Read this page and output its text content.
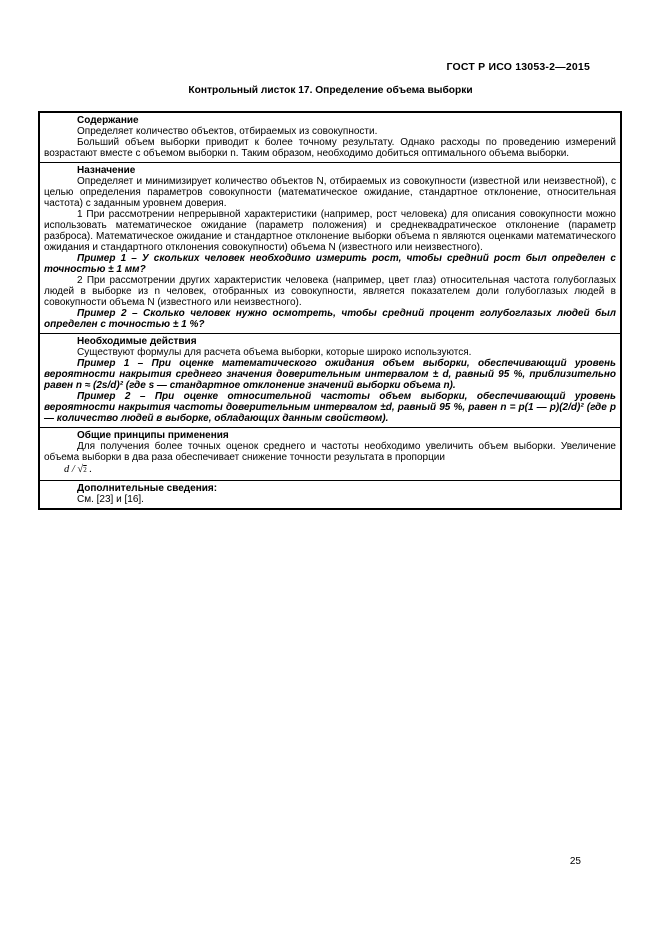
ГОСТ Р ИСО 13053-2—2015
Контрольный листок 17. Определение объема выборки

Содержание

Определяет количество объектов, отбираемых из совокупности.

Больший объем выборки приводит к более точному результату. Однако расходы по проведению измерений возрастают вместе с объемом выборки n. Таким образом, необходимо добиться оптимального объема выборки.

Назначение

Определяет и минимизирует количество объектов N, отбираемых из совокупности (известной или неизвестной), с целью определения параметров совокупности (математическое ожидание, стандартное отклонение, относительная частота) с заданным уровнем доверия.

1 При рассмотрении непрерывной характеристики (например, рост человека) для описания совокупности можно использовать математическое ожидание (параметр положения) и среднеквадратическое отклонение (параметр разброса). Математическое ожидание и стандартное отклонение выборки объема n являются оценками математического ожидания и стандартного отклонения совокупности) объема N (известного или неизвестного).

Пример 1 – У скольких человек необходимо измерить рост, чтобы средний рост был определен с точностью ± 1 мм?

2 При рассмотрении других характеристик человека (например, цвет глаз) относительная частота голубоглазых людей в выборке из n человек, отобранных из совокупности, является показателем доли голубоглазых людей в совокупности объема N (известного или неизвестного).

Пример 2 – Сколько человек нужно осмотреть, чтобы средний процент голубоглазых людей был определен с точностью ± 1 %?

Необходимые действия

Существуют формулы для расчета объема выборки, которые широко используются.

Пример 1 – При оценке математического ожидания объем выборки, обеспечивающий уровень вероятности накрытия среднего значения доверительным интервалом ± d, равный 95 %, приблизительно равен n ≈ (2s/d)² (где s — стандартное отклонение значений выборки объема n).

Пример 2 – При оценке относительной частоты объем выборки, обеспечивающий уровень вероятности накрытия частоты доверительным интервалом ±d, равный 95 %, равен n = p(1 — p)(2/d)² (где p — количество людей в выборке, обладающих данным свойством).

Общие принципы применения

Для получения более точных оценок среднего и частоты необходимо увеличить объем выборки. Увеличение объема выборки в два раза обеспечивает снижение точности результата в пропорции

d / √2 .

Дополнительные сведения:

См. [23] и [16].

25
